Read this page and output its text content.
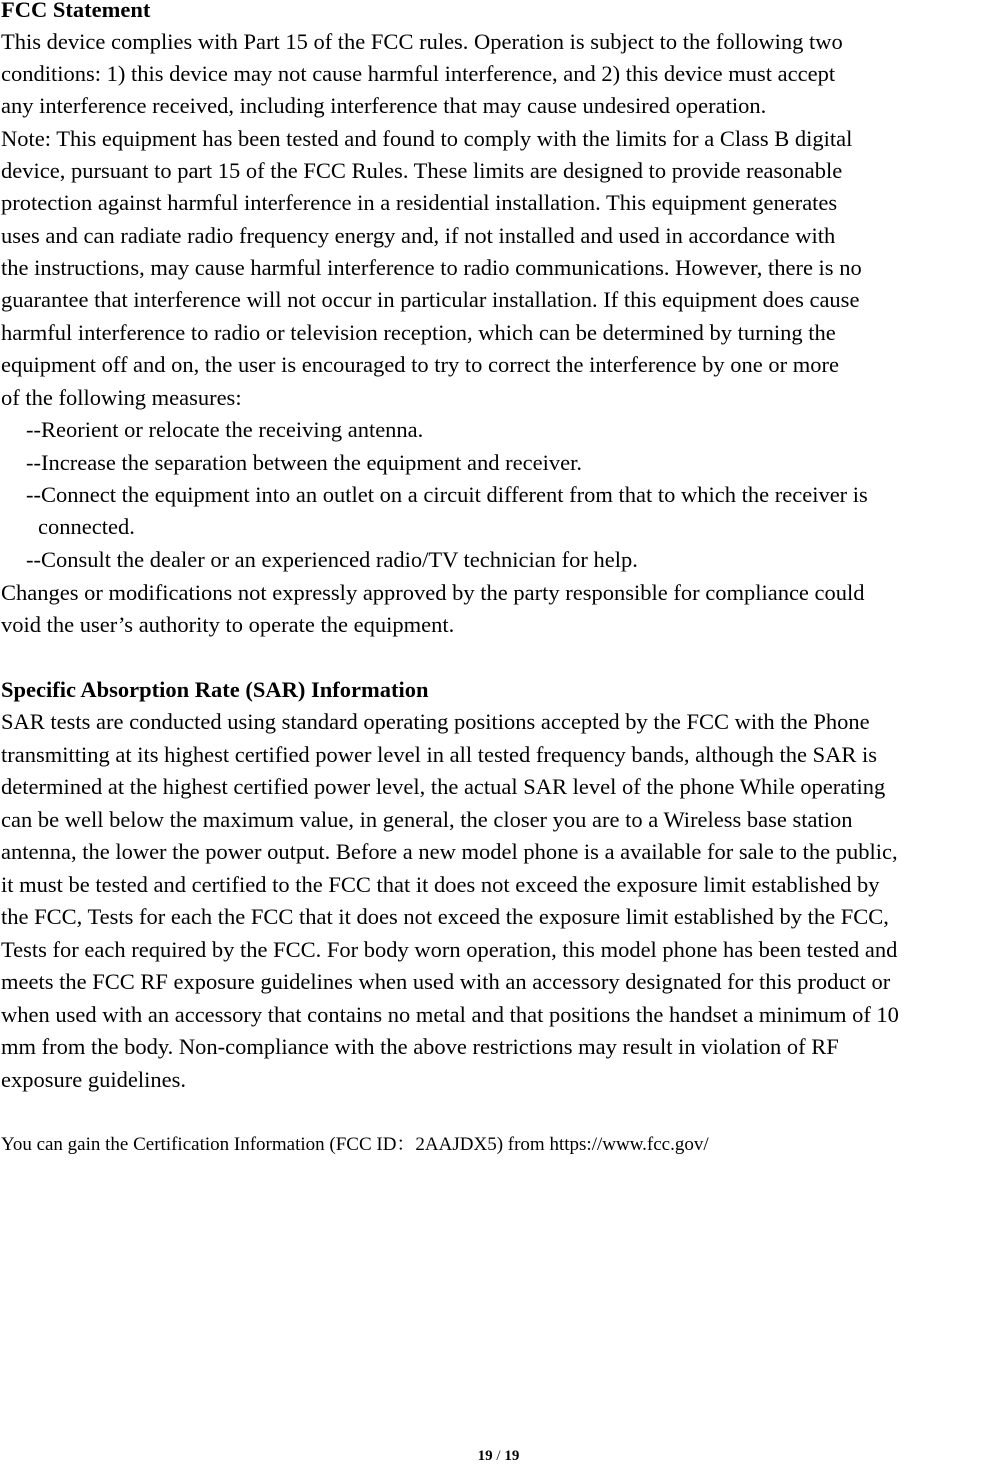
FCC Statement
This device complies with Part 15 of the FCC rules. Operation is subject to the following two
conditions: 1) this device may not cause harmful interference, and 2) this device must accept
any interference received, including interference that may cause undesired operation.
Note: This equipment has been tested and found to comply with the limits for a Class B digital
device, pursuant to part 15 of the FCC Rules. These limits are designed to provide reasonable
protection against harmful interference in a residential installation. This equipment generates
uses and can radiate radio frequency energy and, if not installed and used in accordance with
the instructions, may cause harmful interference to radio communications. However, there is no
guarantee that interference will not occur in particular installation. If this equipment does cause
harmful interference to radio or television reception, which can be determined by turning the
equipment off and on, the user is encouraged to try to correct the interference by one or more
of the following measures:
--Reorient or relocate the receiving antenna.
--Increase the separation between the equipment and receiver.
--Connect the equipment into an outlet on a circuit different from that to which the receiver is
connected.
--Consult the dealer or an experienced radio/TV technician for help.
Changes or modifications not expressly approved by the party responsible for compliance could
void the user’s authority to operate the equipment.
Specific Absorption Rate (SAR) Information
SAR tests are conducted using standard operating positions accepted by the FCC with the Phone
transmitting at its highest certified power level in all tested frequency bands, although the SAR is
determined at the highest certified power level, the actual SAR level of the phone While operating
can be well below the maximum value, in general, the closer you are to a Wireless base station
antenna, the lower the power output. Before a new model phone is a available for sale to the public,
it must be tested and certified to the FCC that it does not exceed the exposure limit established by
the FCC, Tests for each the FCC that it does not exceed the exposure limit established by the FCC,
Tests for each required by the FCC. For body worn operation, this model phone has been tested and
meets the FCC RF exposure guidelines when used with an accessory designated for this product or
when used with an accessory that contains no metal and that positions the handset a minimum of 10
mm from the body. Non-compliance with the above restrictions may result in violation of RF
exposure guidelines.
You can gain the Certification Information (FCC ID：2AAJDX5) from https://www.fcc.gov/
19 / 19
